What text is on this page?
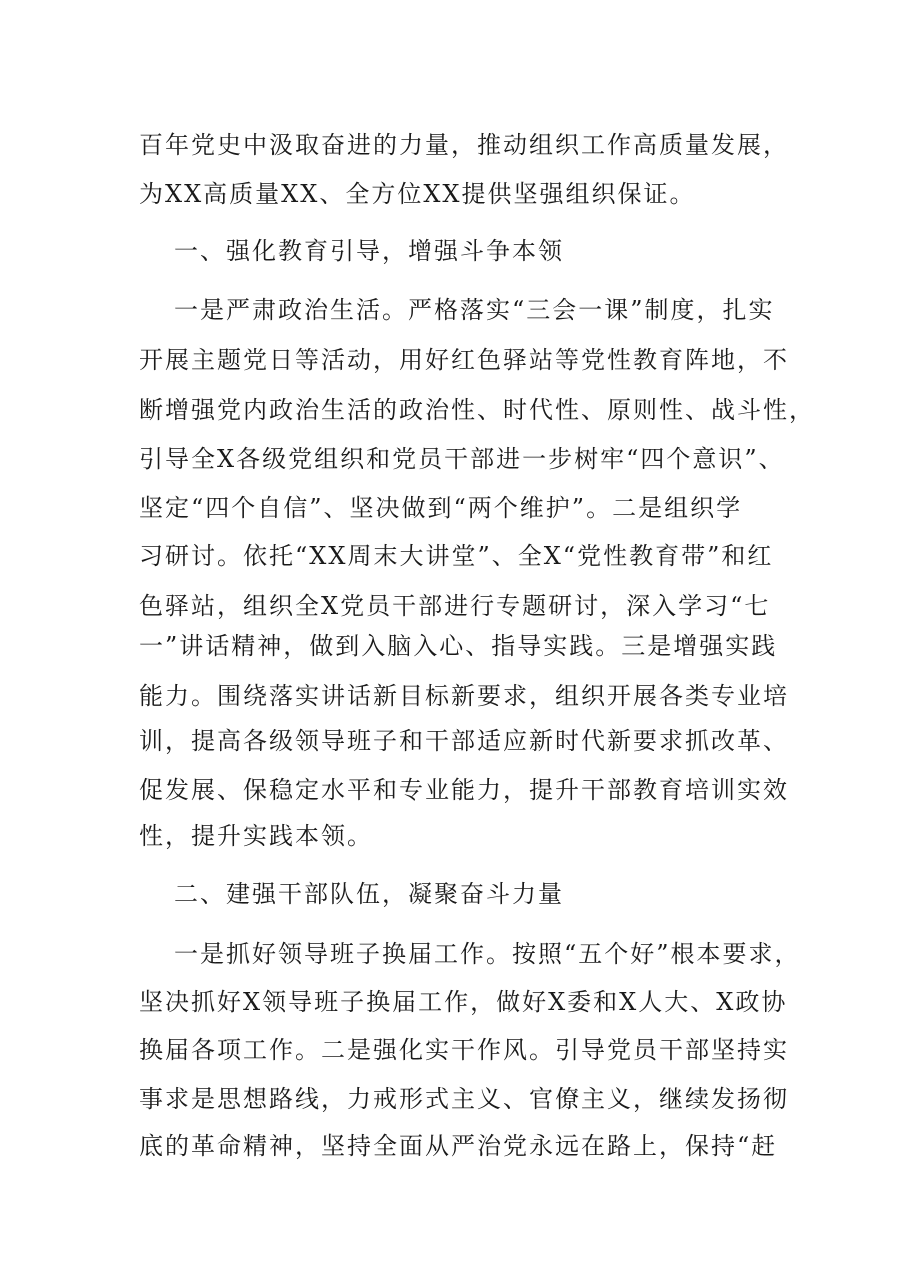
百年党史中汲取奋进的力量，推动组织工作高质量发展，
为XX高质量XX、全方位XX提供坚强组织保证。
一、强化教育引导，增强斗争本领
一是严肃政治生活。严格落实“三会一课”制度，扎实
开展主题党日等活动，用好红色驿站等党性教育阵地，不
断增强党内政治生活的政治性、时代性、原则性、战斗性，
引导全X各级党组织和党员干部进一步树牢“四个意识”、
坚定“四个自信”、坚决做到“两个维护”。二是组织学
习研讨。依托“XX周末大讲堂”、全X“党性教育带”和红
色驿站，组织全X党员干部进行专题研讨，深入学习“七
一”讲话精神，做到入脑入心、指导实践。三是增强实践
能力。围绕落实讲话新目标新要求，组织开展各类专业培
训，提高各级领导班子和干部适应新时代新要求抓改革、
促发展、保稳定水平和专业能力，提升干部教育培训实效
性，提升实践本领。
二、建强干部队伍，凝聚奋斗力量
一是抓好领导班子换届工作。按照“五个好”根本要求，
坚决抓好X领导班子换届工作，做好X委和X人大、X政协
换届各项工作。二是强化实干作风。引导党员干部坚持实
事求是思想路线，力戒形式主义、官僚主义，继续发扬彻
底的革命精神，坚持全面从严治党永远在路上，保持“赶
